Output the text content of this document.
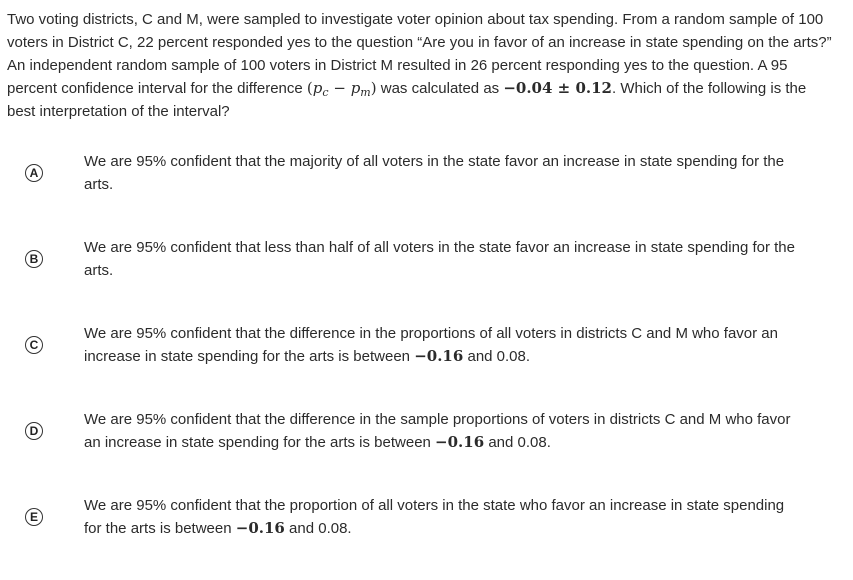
Two voting districts, C and M, were sampled to investigate voter opinion about tax spending. From a random sample of 100 voters in District C, 22 percent responded yes to the question “Are you in favor of an increase in state spending on the arts?” An independent random sample of 100 voters in District M resulted in 26 percent responding yes to the question. A 95 percent confidence interval for the difference $(p_c - p_m)$ was calculated as −0.04 ± 0.12. Which of the following is the best interpretation of the interval?
A
We are 95% confident that the majority of all voters in the state favor an increase in state spending for the arts.
B
We are 95% confident that less than half of all voters in the state favor an increase in state spending for the arts.
C
We are 95% confident that the difference in the proportions of all voters in districts C and M who favor an increase in state spending for the arts is between −0.16 and 0.08.
D
We are 95% confident that the difference in the sample proportions of voters in districts C and M who favor an increase in state spending for the arts is between −0.16 and 0.08.
E
We are 95% confident that the proportion of all voters in the state who favor an increase in state spending for the arts is between −0.16 and 0.08.
